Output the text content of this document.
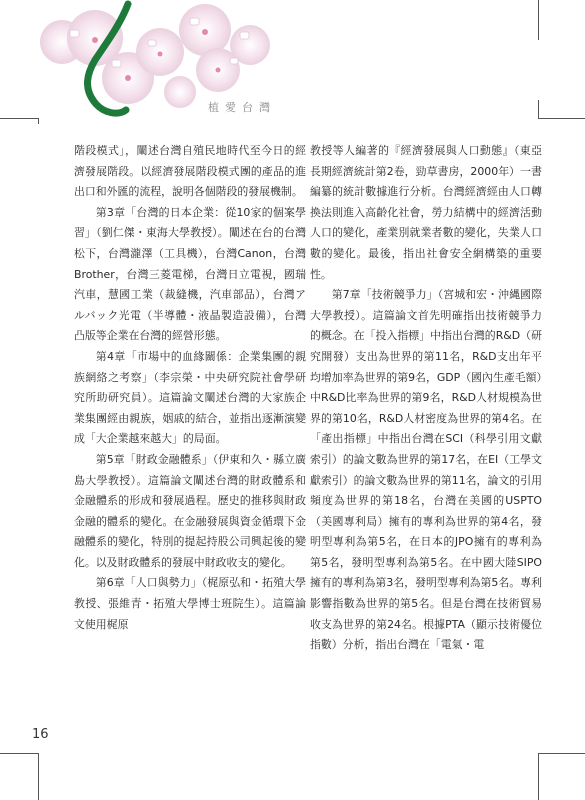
植愛台灣

階段模式」，闡述台灣自殖民地時代至今日的經濟發展階段。以經濟發展階段模式團的產品的進出口和外匯的流程，說明各個階段的發展機制。

第3章「台灣的日本企業：從10家的個案學習」（劉仁傑・東海大學教授）。闡述在台的台灣松下，台灣瀧澤（工具機），台灣Canon，台灣Brother，台灣三菱電梯，台灣日立電視，國瑞汽車，慧國工業（裁縫機，汽車部品），台灣アルバック光電（半導體・液晶製造設備），台灣凸版等企業在台灣的經營形態。

第4章「市場中的血緣關係：企業集團的親族網絡之考察」（李宗榮・中央研究院社會學研究所助研究員）。這篇論文闡述台灣的大家族企業集團經由親族，姻戚的結合，並指出逐漸演變成「大企業越來越大」的局面。

第5章「財政金融體系」（伊東和久・縣立廣島大學教授）。這篇論文闡述台灣的財政體系和金融體系的形成和發展過程。歷史的推移與財政金融的體系的變化。在金融發展與資金循環下金融體系的變化，特別的提起持股公司興起後的變化。以及財政體系的發展中財政收支的變化。

第6章「人口與勢力」（梶原弘和・拓殖大學教授、張維青・拓殖大學博士班院生）。這篇論文使用梶原

教授等人編著的『經濟發展與人口動態』（東亞長期經濟統計第2卷，勁草書房，2000年）一書編纂的統計數據進行分析。台灣經濟經由人口轉換法則進入高齡化社會，勞力結構中的經濟活動人口的變化，產業別就業者數的變化，失業人口數的變化。最後，指出社會安全網構築的重要性。

第7章「技術競爭力」（宮城和宏・沖縄國際大學教授）。這篇論文首先明確指出技術競爭力的概念。在「投入指標」中指出台灣的R&D（研究開發）支出為世界的第11名，R&D支出年平均增加率為世界的第9名，GDP（國內生產毛額）中R&D比率為世界的第9名，R&D人材規模為世界的第10名，R&D人材密度為世界的第4名。在「產出指標」中指出台灣在SCI（科學引用文獻索引）的論文數為世界的第17名，在EI（工學文獻索引）的論文數為世界的第11名，論文的引用頻度為世界的第18名，台灣在美國的USPTO（美國專利局）擁有的專利為世界的第4名，發明型專利為第5名，在日本的JPO擁有的專利為第5名，發明型專利為第5名。在中國大陸SIPO擁有的專利為第3名，發明型專利為第5名。專利影響指數為世界的第5名。但是台灣在技術貿易收支為世界的第24名。根據PTA（顯示技術優位指數）分析，指出台灣在「電氣・電

16
